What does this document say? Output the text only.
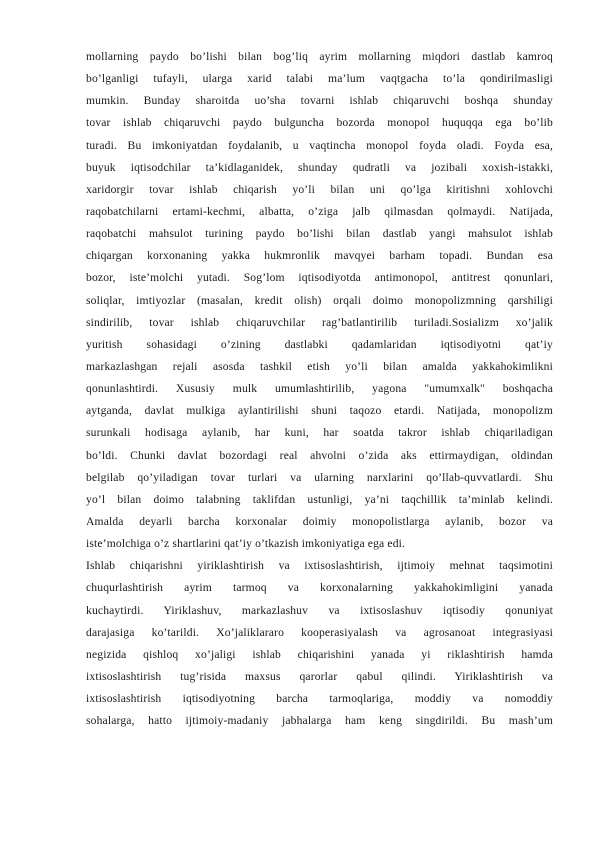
mollarning paydo bo’lishi bilan bog’liq ayrim mollarning miqdori dastlab kamroq
bo’lganligi tufayli, ularga xarid talabi ma’lum vaqtgacha to’la qondirilmasligi
mumkin. Bunday sharoitda uo’sha tovarni ishlab chiqaruvchi boshqa shunday
tovar ishlab chiqaruvchi paydo bulguncha bozorda monopol huquqqa ega bo’lib
turadi. Bu imkoniyatdan foydalanib, u vaqtincha monopol foyda oladi. Foyda esa,
buyuk iqtisodchilar ta’kidlaganidek, shunday qudratli va jozibali xoxish-istakki,
xaridorgir tovar ishlab chiqarish yo’li bilan uni qo’lga kiritishni xohlovchi
raqobatchilarni ertami-kechmi, albatta, o’ziga jalb qilmasdan qolmaydi. Natijada,
raqobatchi mahsulot turining paydo bo’lishi bilan dastlab yangi mahsulot ishlab
chiqargan korxonaning yakka hukmronlik mavqyei barham topadi. Bundan esa
bozor, iste’molchi yutadi. Sog’lom iqtisodiyotda antimonopol, antitrest qonunlari,
soliqlar, imtiyozlar (masalan, kredit olish) orqali doimo monopolizmning qarshiligi
sindirilib, tovar ishlab chiqaruvchilar rag’batlantirilib turiladi.Sosializm xo’jalik
yuritish sohasidagi o’zining dastlabki qadamlaridan iqtisodiyotni qat’iy
markazlashgan rejali asosda tashkil etish yo’li bilan amalda yakkahokimlikni
qonunlashtirdi. Xususiy mulk umumlashtirilib, yagona "umumxalk" boshqacha
aytganda, davlat mulkiga aylantirilishi shuni taqozo etardi. Natijada, monopolizm
surunkali hodisaga aylanib, har kuni, har soatda takror ishlab chiqariladigan
bo’ldi. Chunki davlat bozordagi real ahvolni o’zida aks ettirmaydigan, oldindan
belgilab qo’yiladigan tovar turlari va ularning narxlarini qo’llab-quvvatlardi. Shu
yo’l bilan doimo talabning taklifdan ustunligi, ya’ni taqchillik ta’minlab kelindi.
Amalda deyarli barcha korxonalar doimiy monopolistlarga aylanib, bozor va
iste’molchiga o’z shartlarini qat’iy o’tkazish imkoniyatiga ega edi.
Ishlab chiqarishni yiriklashtirish va ixtisoslashtirish, ijtimoiy mehnat taqsimotini
chuqurlashtirish ayrim tarmoq va korxonalarning yakkahokimligini yanada
kuchaytirdi. Yiriklashuv, markazlashuv va ixtisoslashuv iqtisodiy qonuniyat
darajasiga ko’tarildi. Xo’jaliklararo kooperasiyalash va agrosanoat integrasiyasi
negizida qishloq xo’jaligi ishlab chiqarishini yanada yi riklashtirish hamda
ixtisoslashtirish tug’risida maxsus qarorlar qabul qilindi. Yiriklashtirish va
ixtisoslashtirish iqtisodiyotning barcha tarmoqlariga, moddiy va nomoddiy
sohalarga, hatto ijtimoiy-madaniy jabhalarga ham keng singdirildi. Bu mash’um
